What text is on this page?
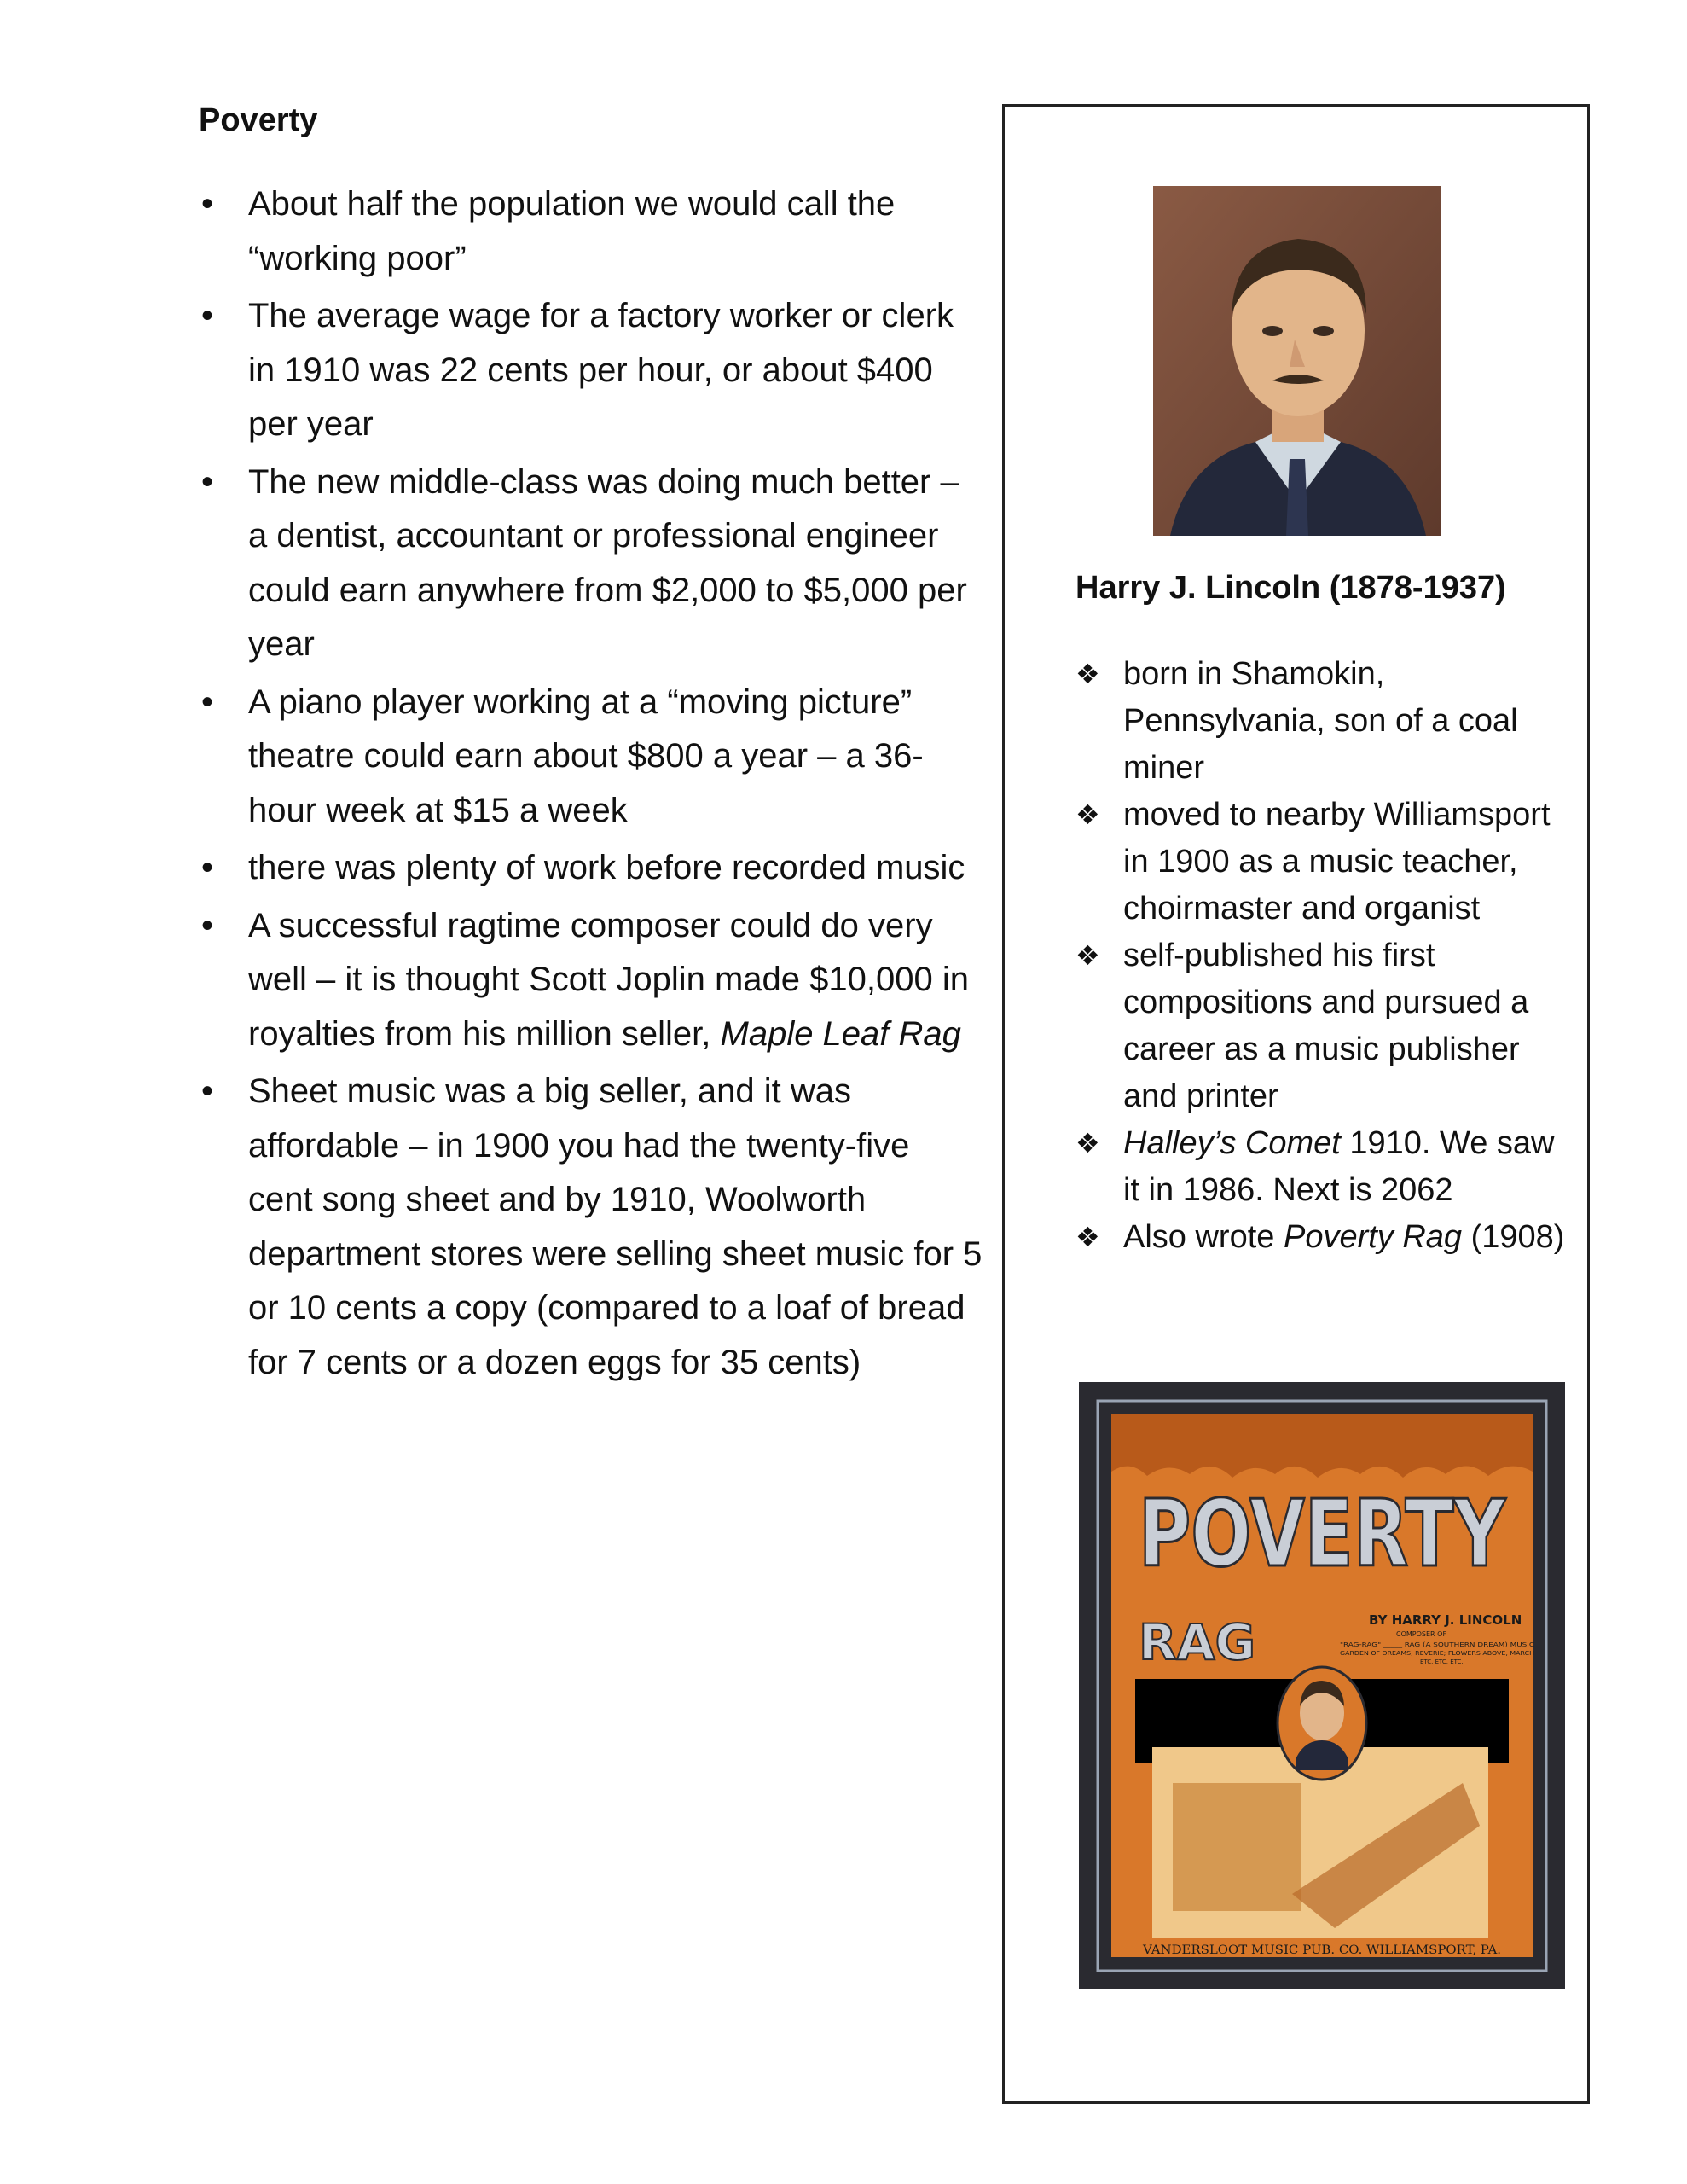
Poverty
• About half the population we would call the “working poor”
• The average wage for a factory worker or clerk in 1910 was 22 cents per hour, or about $400 per year
• The new middle-class was doing much better – a dentist, accountant or professional engineer could earn anywhere from $2,000 to $5,000 per year
• A piano player working at a “moving picture” theatre could earn about $800 a year – a 36-hour week at $15 a week
• there was plenty of work before recorded music
• A successful ragtime composer could do very well – it is thought Scott Joplin made $10,000 in royalties from his million seller, Maple Leaf Rag
• Sheet music was a big seller, and it was affordable – in 1900 you had the twenty-five cent song sheet and by 1910, Woolworth department stores were selling sheet music for 5 or 10 cents a copy (compared to a loaf of bread for 7 cents or a dozen eggs for 35 cents)
Harry J. Lincoln (1878-1937)
❖ born in Shamokin, Pennsylvania, son of a coal miner
❖ moved to nearby Williamsport in 1900 as a music teacher, choirmaster and organist
❖ self-published his first compositions and pursued a career as a music publisher and printer
❖ Halley’s Comet 1910. We saw it in 1986. Next is 2062
❖ Also wrote Poverty Rag (1908)
POVERTY
RAG	BY HARRY J. LINCOLN
COMPOSER OF
"RAG-RAG" _____ RAG (A SOUTHERN DREAM) MUSIC
GARDEN OF DREAMS, REVERIE; FLOWERS ABOVE, MARCH
ETC. ETC. ETC.
VANDERSLOOT MUSIC PUB. CO. WILLIAMSPORT, PA.
